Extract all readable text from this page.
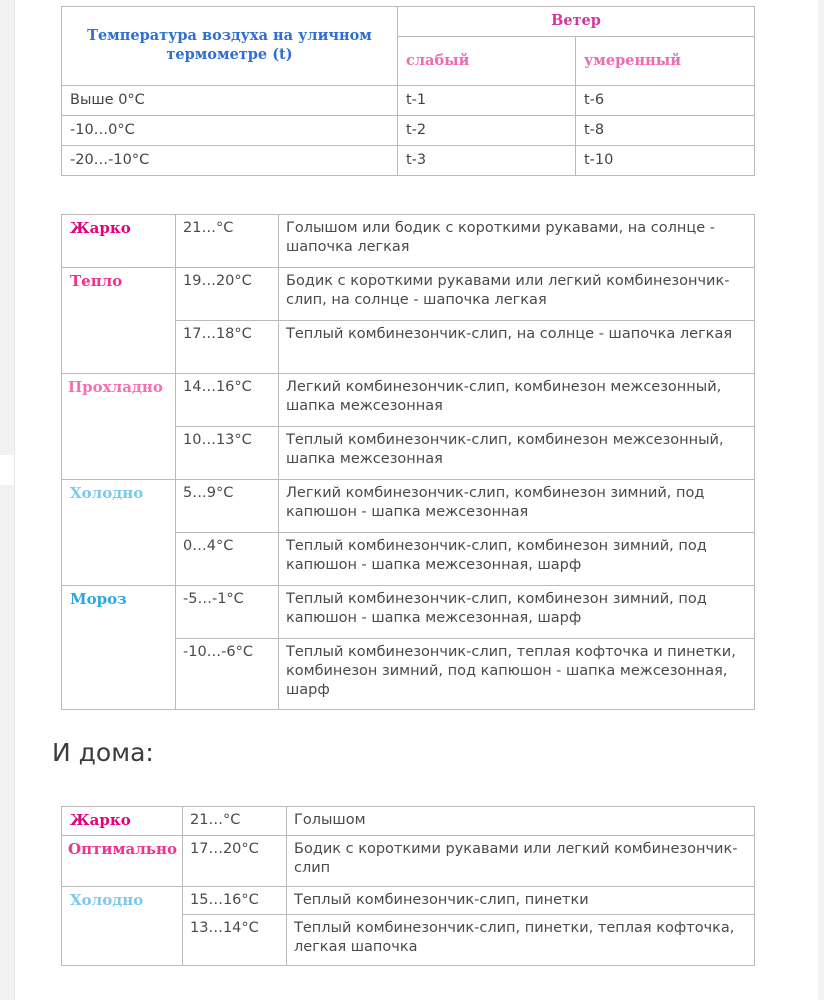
Температура воздуха на уличном термометре (t)	Ветер	
	слабый	умеренный
Выше 0°C	t-1	t-6
-10…0°C	t-2	t-8
-20…-10°C	t-3	t-10
Жарко	21…°C	Голышом или бодик с короткими рукавами, на солнце - шапочка легкая
Тепло	19…20°C	Бодик с короткими рукавами или легкий комбинезончик-слип, на солнце - шапочка легкая
	17…18°C	Теплый комбинезончик-слип, на солнце - шапочка легкая
Прохладно	14…16°C	Легкий комбинезончик-слип, комбинезон межсезонный, шапка межсезонная
	10…13°C	Теплый комбинезончик-слип, комбинезон межсезонный, шапка межсезонная
Холодно	5…9°C	Легкий комбинезончик-слип, комбинезон зимний, под капюшон - шапка межсезонная
	0…4°C	Теплый комбинезончик-слип, комбинезон зимний, под капюшон - шапка межсезонная, шарф
Мороз	-5…-1°C	Теплый комбинезончик-слип, комбинезон зимний, под капюшон - шапка межсезонная, шарф
	-10…-6°C	Теплый комбинезончик-слип, теплая кофточка и пинетки, комбинезон зимний, под капюшон - шапка межсезонная, шарф
И дома:
Жарко	21…°C	Голышом
Оптимально	17…20°C	Бодик с короткими рукавами или легкий комбинезончик-слип
Холодно	15…16°C	Теплый комбинезончик-слип, пинетки
	13…14°C	Теплый комбинезончик-слип, пинетки, теплая кофточка, легкая шапочка
